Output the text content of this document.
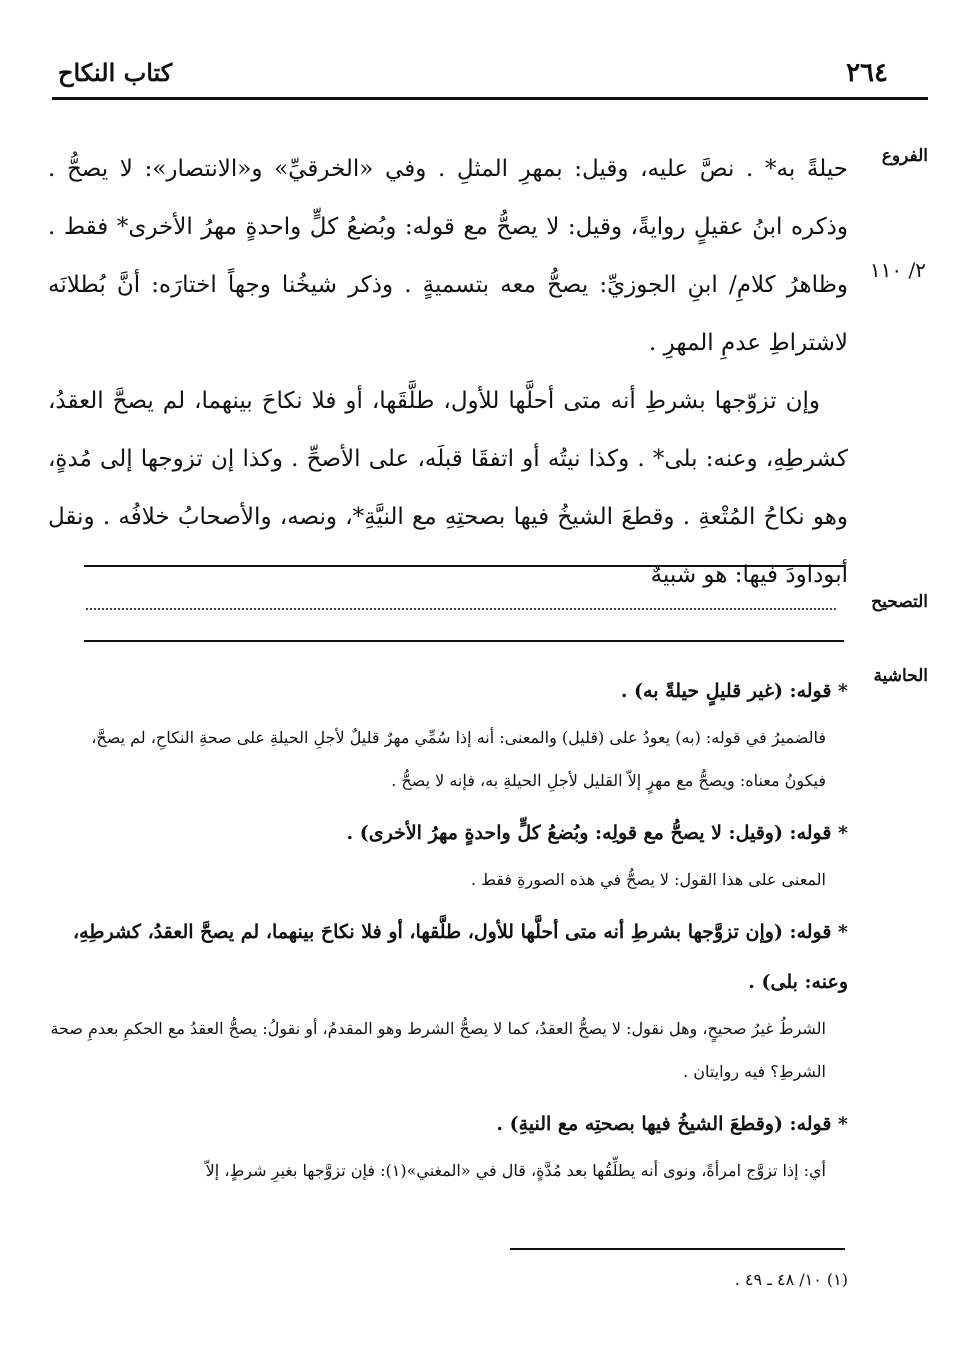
٢٦٤
كتاب النكاح
الفروع
٢/ ١١٠
التصحيح
الحاشية

حيلةً به* . نصَّ عليه، وقيل: بمهرِ المثلِ . وفي «الخرقيِّ» و«الانتصار»: لا يصحُّ . وذكره ابنُ عقيلٍ روايةً، وقيل: لا يصحُّ مع قوله: وبُضعُ كلٍّ واحدةٍ مهرُ الأخرى* فقط . وظاهرُ كلامِ/ ابنِ الجوزيِّ: يصحُّ معه بتسميةٍ . وذكر شيخُنا وجهاً اختارَه: أنَّ بُطلانَه لاشتراطِ عدمِ المهرِ .

وإن تزوّجها بشرطِ أنه متى أحلَّها للأول، طلَّقَها، أو فلا نكاحَ بينهما، لم يصحَّ العقدُ، كشرطِهِ، وعنه: بلى* . وكذا نيتُه أو اتفقَا قبلَه، على الأصحِّ . وكذا إن تزوجها إلى مُدةٍ، وهو نكاحُ المُتْعةِ . وقطعَ الشيخُ فيها بصحتِهِ مع النيَّةِ*، ونصه، والأصحابُ خلافُه . ونقل أبوداودَ فيها: هو شبيهٌ

* قوله: (غير قليلٍ حيلةً به) .

فالضميرُ في قوله: (به) يعودُ على (قليل) والمعنى: أنه إذا سُمِّي مهرٌ قليلٌ لأجلِ الحيلةِ على صحةِ النكاحِ، لم يصحَّ، فيكونُ معناه: ويصحُّ مع مهرٍ إلاّ القليل لأجلِ الحيلةِ به، فإنه لا يصحُّ .

* قوله: (وقيل: لا يصحُّ مع قولِه: وبُضعُ كلٍّ واحدةٍ مهرُ الأخرى) .

المعنى على هذا القول: لا يصحُّ في هذه الصورةِ فقط .

* قوله: (وإن تزوَّجها بشرطِ أنه متى أحلَّها للأول، طلَّقها، أو فلا نكاحَ بينهما، لم يصحَّ العقدُ، كشرطِهِ، وعنه: بلى) .

الشرطُ غيرُ صحيحٍ، وهل نقول: لا يصحُّ العقدُ، كما لا يصحُّ الشرط وهو المقدمُ، أو نقولُ: يصحُّ العقدُ مع الحكمِ بعدمِ صحة الشرطِ؟ فيه روايتان .

* قوله: (وقطعَ الشيخُ فيها بصحتِه مع النيةِ) .

أي: إذا تزوَّج امرأةً، ونوى أنه يطلِّقُها بعد مُدَّةٍ، قال في «المغني»(١): فإن تزوَّجها بغيرِ شرطٍ، إلاّ

(١) ١٠/ ٤٨ ـ ٤٩ .
